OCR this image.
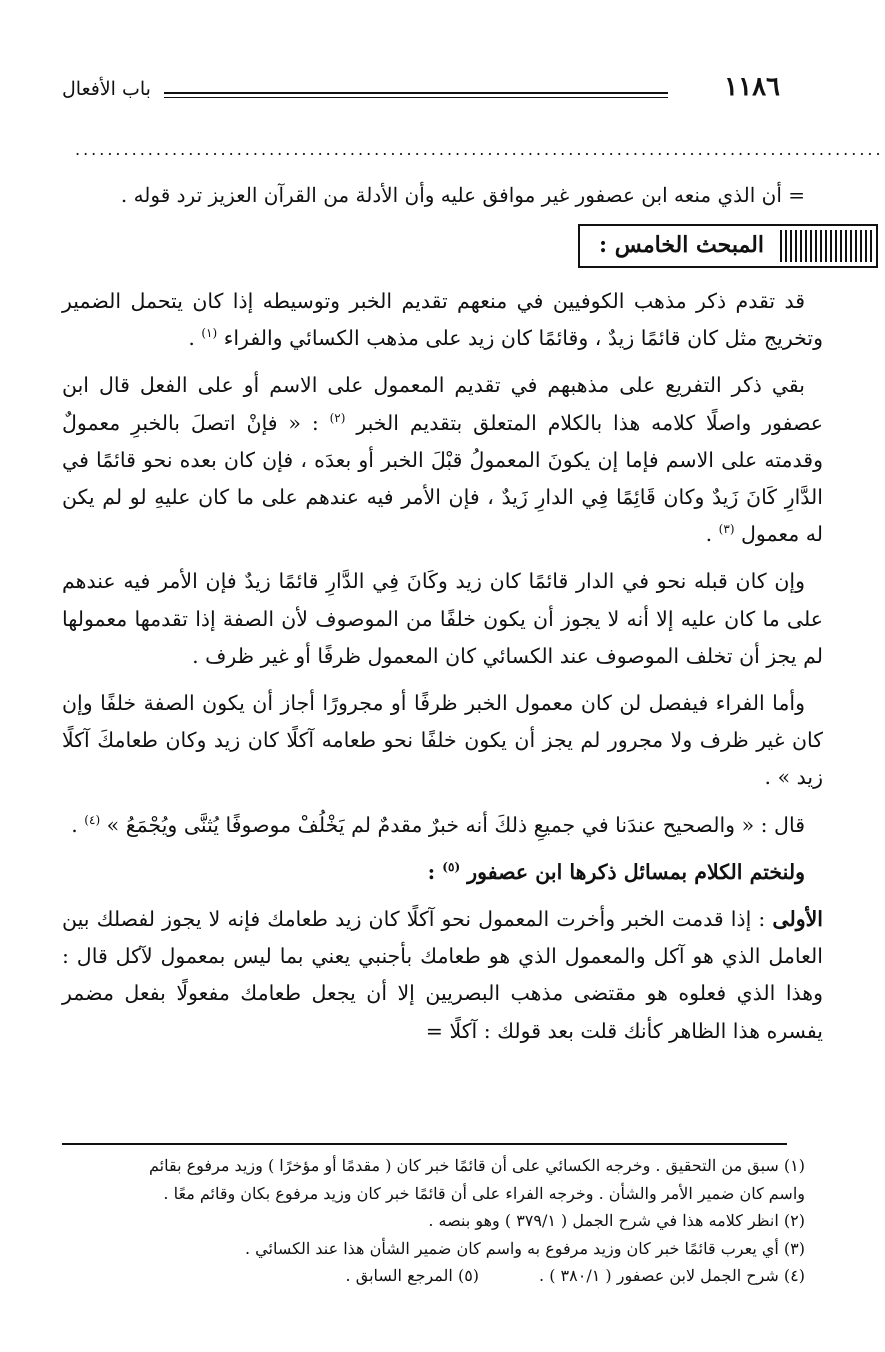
١١٨٦
باب الأفعال
....................................................................................................
= أن الذي منعه ابن عصفور غير موافق عليه وأن الأدلة من القرآن العزيز ترد قوله .
المبحث الخامس :

قد تقدم ذكر مذهب الكوفيين في منعهم تقديم الخبر وتوسيطه إذا كان يتحمل الضمير وتخريج مثل كان قائمًا زيدٌ ، وقائمًا كان زيد على مذهب الكسائي والفراء $^{(١)}$ .

بقي ذكر التفريع على مذهبهم في تقديم المعمول على الاسم أو على الفعل قال ابن عصفور واصلًا كلامه هذا بالكلام المتعلق بتقديم الخبر $^{(٢)}$ : « فإنْ اتصلَ بالخبرِ معمولٌ وقدمته على الاسم فإما إن يكونَ المعمولُ قبْلَ الخبر أو بعدَه ، فإن كان بعده نحو قائمًا في الدَّارِ كَانَ زَيدٌ وكان قَائِمًا فِي الدارِ زَيدٌ ، فإن الأمر فيه عندهم على ما كان عليهِ لو لم يكن له معمول $^{(٣)}$ .

وإن كان قبله نحو في الدار قائمًا كان زيد وكَانَ فِي الدَّارِ قائمًا زيدٌ فإن الأمر فيه عندهم على ما كان عليه إلا أنه لا يجوز أن يكون خلفًا من الموصوف لأن الصفة إذا تقدمها معمولها لم يجز أن تخلف الموصوف عند الكسائي كان المعمول ظرفًا أو غير ظرف .

وأما الفراء فيفصل لن كان معمول الخبر ظرفًا أو مجرورًا أجاز أن يكون الصفة خلفًا وإن كان غير ظرف ولا مجرور لم يجز أن يكون خلفًا نحو طعامه آكلًا كان زيد وكان طعامكَ آكلًا زيد » .

قال : « والصحيح عندَنا في جميعِ ذلكَ أنه خبرٌ مقدمٌ لم يَخْلُفْ موصوفًا يُثنَّى ويُجْمَعُ » $^{(٤)}$ .

ولنختم الكلام بمسائل ذكرها ابن عصفور $^{(٥)}$ :

الأولى : إذا قدمت الخبر وأخرت المعمول نحو آكلًا كان زيد طعامك فإنه لا يجوز لفصلك بين العامل الذي هو آكل والمعمول الذي هو طعامك بأجنبي يعني بما ليس بمعمول لآكل قال : وهذا الذي فعلوه هو مقتضى مذهب البصريين إلا أن يجعل طعامك مفعولًا بفعل مضمر يفسره هذا الظاهر كأنك قلت بعد قولك : آكلًا =

(١) سبق من التحقيق . وخرجه الكسائي على أن قائمًا خبر كان ( مقدمًا أو مؤخرًا ) وزيد مرفوع بقائم
واسم كان ضمير الأمر والشأن . وخرجه الفراء على أن قائمًا خبر كان وزيد مرفوع بكان وقائم معًا .
(٢) انظر كلامه هذا في شرح الجمل ( ٣٧٩/١ ) وهو بنصه .
(٣) أي يعرب قائمًا خبر كان وزيد مرفوع به واسم كان ضمير الشأن هذا عند الكسائي .
(٤) شرح الجمل لابن عصفور ( ٣٨٠/١ ) .(٥) المرجع السابق .
